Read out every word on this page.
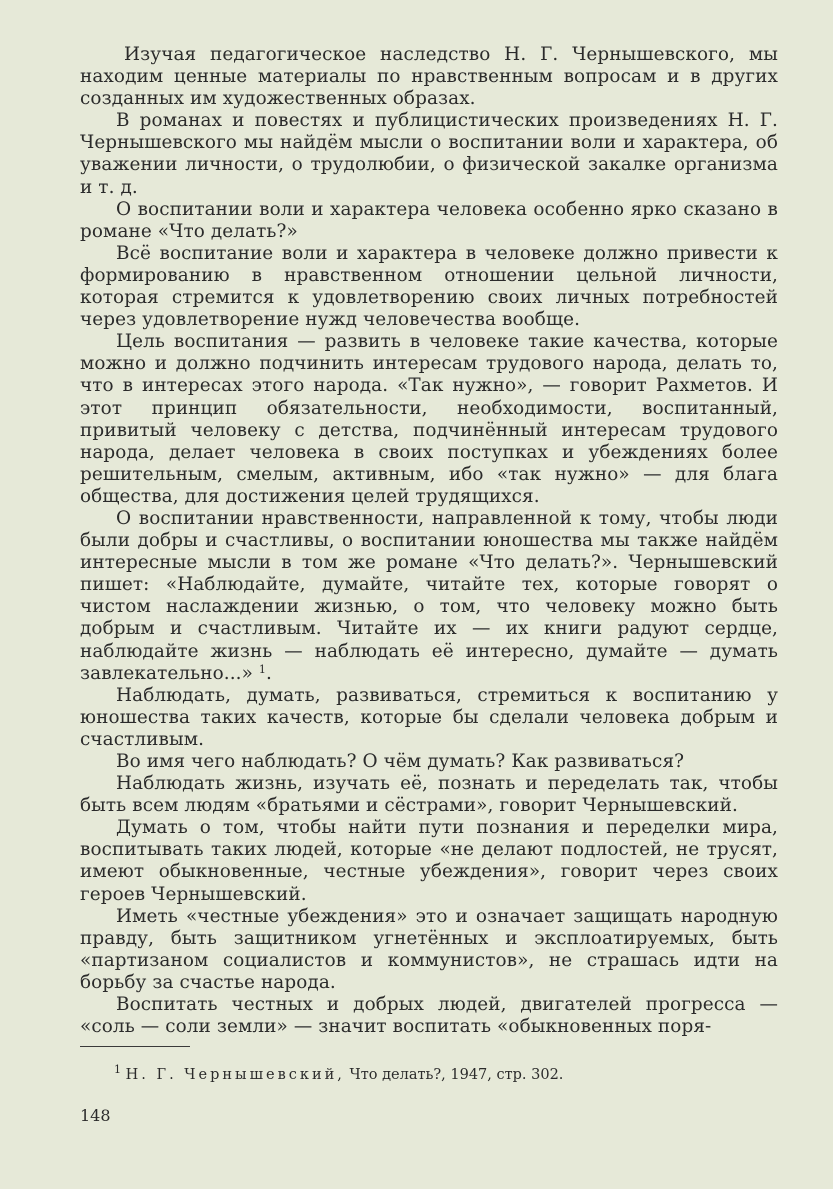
Изучая педагогическое наследство Н. Г. Чернышевского, мы находим ценные материалы по нравственным вопросам и в других созданных им художественных образах.

В романах и повестях и публицистических произведениях Н. Г. Чернышевского мы найдём мысли о воспитании воли и характера, об уважении личности, о трудолюбии, о физической закалке организма и т. д.

О воспитании воли и характера человека особенно ярко сказано в романе «Что делать?»

Всё воспитание воли и характера в человеке должно привести к формированию в нравственном отношении цельной личности, которая стремится к удовлетворению своих личных потребностей через удовлетворение нужд человечества вообще.

Цель воспитания — развить в человеке такие качества, которые можно и должно подчинить интересам трудового народа, делать то, что в интересах этого народа. «Так нужно», — говорит Рахметов. И этот принцип обязательности, необходимости, воспитанный, привитый человеку с детства, подчинённый интересам трудового народа, делает человека в своих поступках и убеждениях более решительным, смелым, активным, ибо «так нужно» — для блага общества, для достижения целей трудящихся.

О воспитании нравственности, направленной к тому, чтобы люди были добры и счастливы, о воспитании юношества мы также найдём интересные мысли в том же романе «Что делать?». Чернышевский пишет: «Наблюдайте, думайте, читайте тех, которые говорят о чистом наслаждении жизнью, о том, что человеку можно быть добрым и счастливым. Читайте их — их книги радуют сердце, наблюдайте жизнь — наблюдать её интересно, думайте — думать завлекательно...» $^1$.

Наблюдать, думать, развиваться, стремиться к воспитанию у юношества таких качеств, которые бы сделали человека добрым и счастливым.

Во имя чего наблюдать? О чём думать? Как развиваться?

Наблюдать жизнь, изучать её, познать и переделать так, чтобы быть всем людям «братьями и сёстрами», говорит Чернышевский.

Думать о том, чтобы найти пути познания и переделки мира, воспитывать таких людей, которые «не делают подлостей, не трусят, имеют обыкновенные, честные убеждения», говорит через своих героев Чернышевский.

Иметь «честные убеждения» это и означает защищать народную правду, быть защитником угнетённых и эксплоатируемых, быть «партизаном социалистов и коммунистов», не страшась идти на борьбу за счастье народа.

Воспитать честных и добрых людей, двигателей прогресса — «соль — соли земли» — значит воспитать «обыкновенных поря-

$^1$ Н. Г. Чернышевский, Что делать?, 1947, стр. 302.
148
